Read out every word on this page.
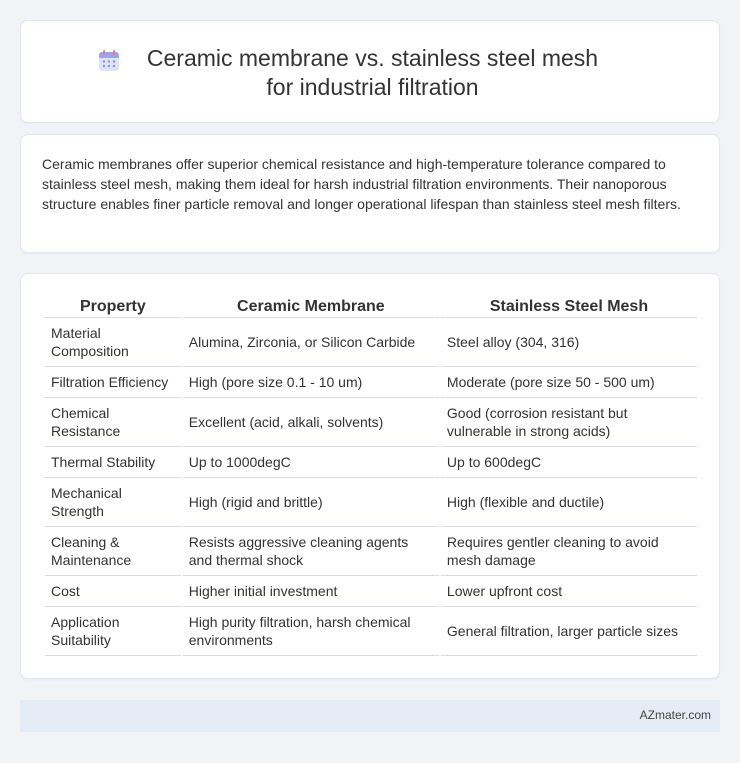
Ceramic membrane vs. stainless steel mesh for industrial filtration

Ceramic membranes offer superior chemical resistance and high-temperature tolerance compared to stainless steel mesh, making them ideal for harsh industrial filtration environments. Their nanoporous structure enables finer particle removal and longer operational lifespan than stainless steel mesh filters.

Property	Ceramic Membrane	Stainless Steel Mesh
Material Composition	Alumina, Zirconia, or Silicon Carbide	Steel alloy (304, 316)
Filtration Efficiency	High (pore size 0.1 - 10 um)	Moderate (pore size 50 - 500 um)
Chemical Resistance	Excellent (acid, alkali, solvents)	Good (corrosion resistant but vulnerable in strong acids)
Thermal Stability	Up to 1000degC	Up to 600degC
Mechanical Strength	High (rigid and brittle)	High (flexible and ductile)
Cleaning & Maintenance	Resists aggressive cleaning agents and thermal shock	Requires gentler cleaning to avoid mesh damage
Cost	Higher initial investment	Lower upfront cost
Application Suitability	High purity filtration, harsh chemical environments	General filtration, larger particle sizes
AZmater.com
